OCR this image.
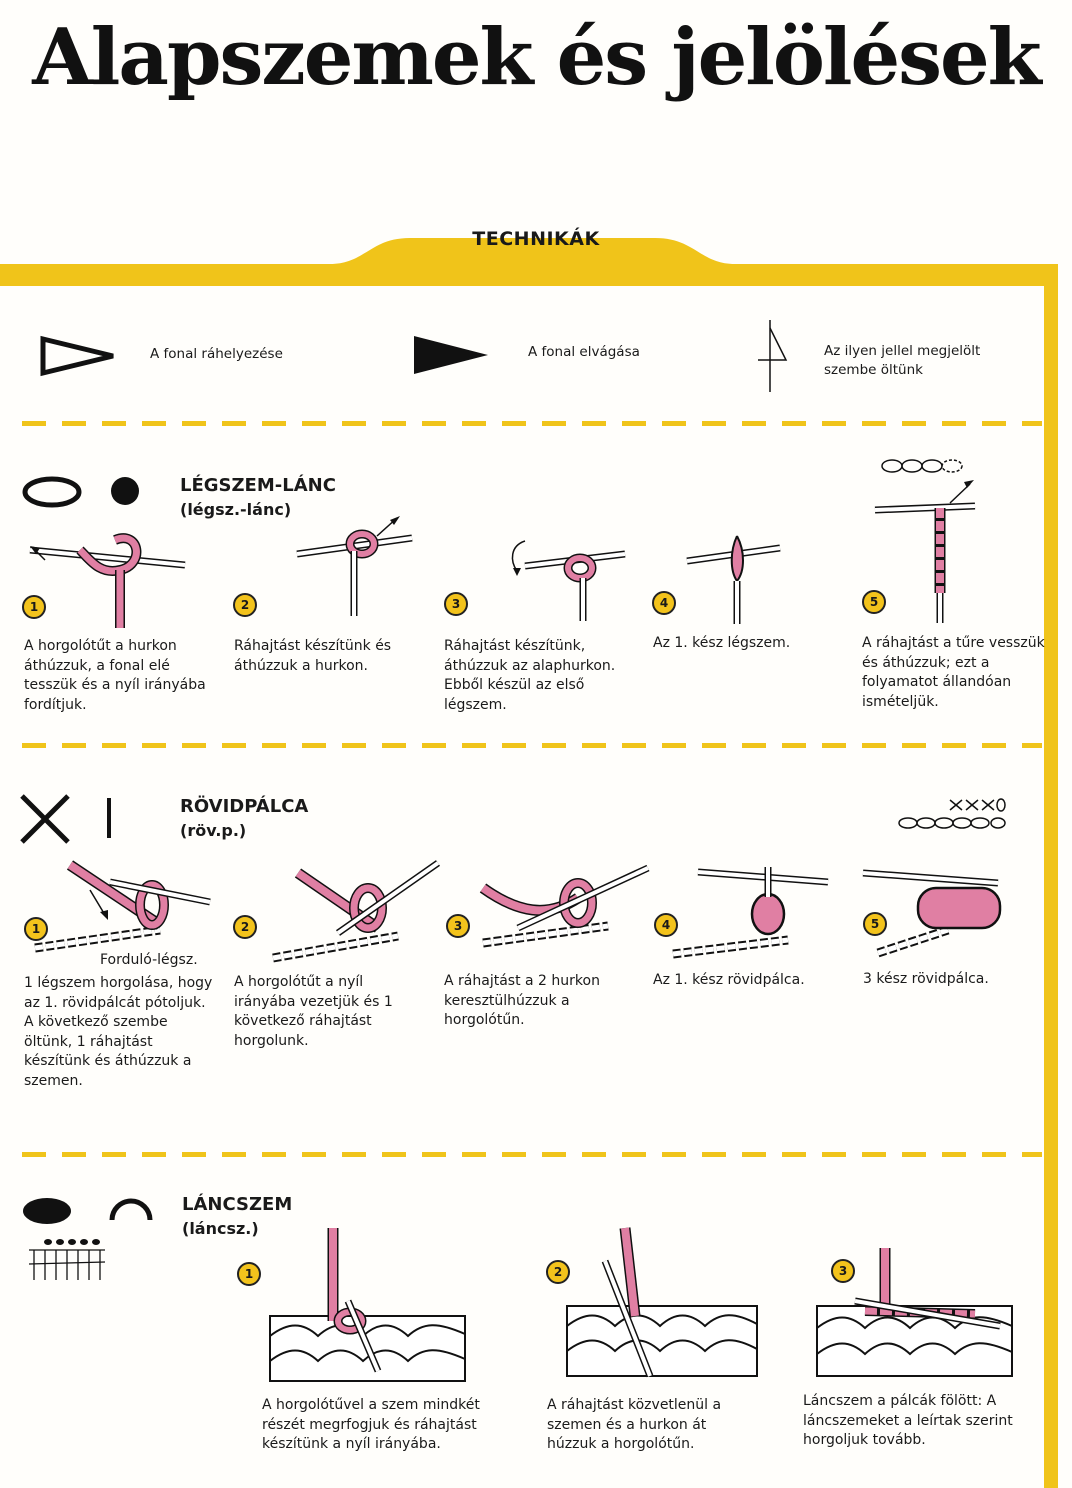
Alapszemek és jelölések
TECHNIKÁK
A fonal ráhelyezése	A fonal elvágása	Az ilyen jellel megjelölt szembe öltünk
LÉGSZEM-LÁNC
(légsz.-lánc)
1	2	3	4	5
A horgolótűt a hurkon áthúzzuk, a fonal elé tesszük és a nyíl irányába fordítjuk.
Ráhajtást készítünk és áthúzzuk a hurkon.
Ráhajtást készítünk, áthúzzuk az alaphurkon. Ebből készül az első légszem.
Az 1. kész légszem.	A ráhajtást a tűre vesszük és áthúzzuk; ezt a folyamatot állandóan ismételjük.
RÖVIDPÁLCA
(röv.p.)
Forduló-légsz.
1	2	3	4	5
1 légszem horgolása, hogy az 1. rövidpálcát pótoljuk. A következő szembe öltünk, 1 ráhajtást készítünk és áthúzzuk a szemen.
A horgolótűt a nyíl irányába vezetjük és 1 következő ráhajtást horgolunk.
A ráhajtást a 2 hurkon keresztülhúzzuk a horgolótűn.
Az 1. kész rövidpálca.	3 kész rövidpálca.
LÁNCSZEM
(láncsz.)
1	2	3
A horgolótűvel a szem mindkét részét megrfogjuk és ráhajtást készítünk a nyíl irányába.
A ráhajtást közvetlenül a szemen és a hurkon át húzzuk a horgolótűn.
Láncszem a pálcák fölött: A láncszemeket a leírtak szerint horgoljuk tovább.
